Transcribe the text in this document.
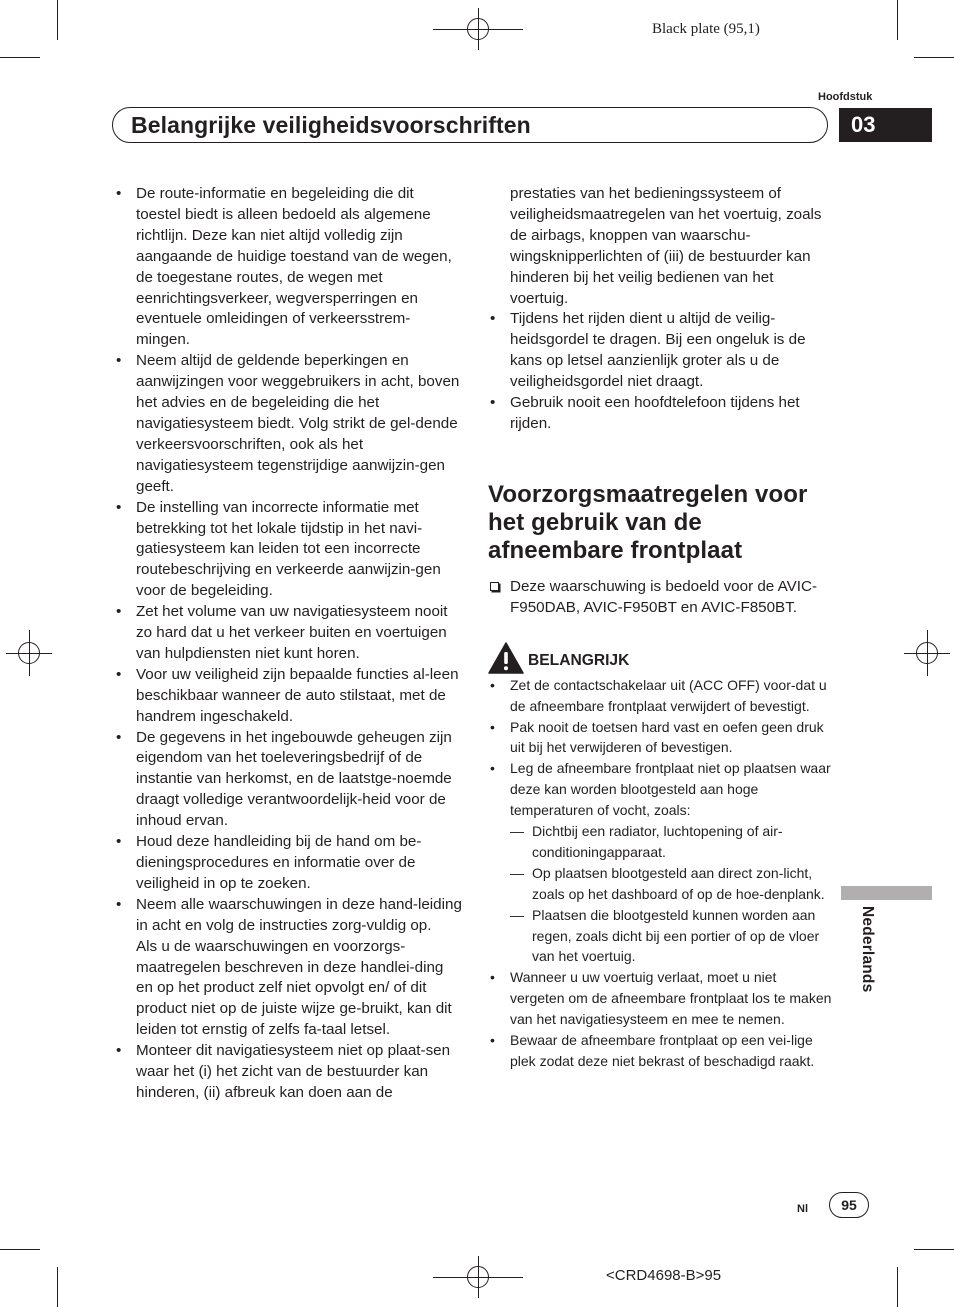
Black plate (95,1)
Hoofdstuk
Belangrijke veiligheidsvoorschriften	03
• De route-informatie en begeleiding die dit toestel biedt is alleen bedoeld als algemene richtlijn. Deze kan niet altijd volledig zijn aangaande de huidige toestand van de wegen, de toegestane routes, de wegen met eenrichtingsverkeer, wegversperringen en eventuele omleidingen of verkeersstrem-mingen.
• Neem altijd de geldende beperkingen en aanwijzingen voor weggebruikers in acht, boven het advies en de begeleiding die het navigatiesysteem biedt. Volg strikt de gel-dende verkeersvoorschriften, ook als het navigatiesysteem tegenstrijdige aanwijzin-gen geeft.
• De instelling van incorrecte informatie met betrekking tot het lokale tijdstip in het navi-gatiesysteem kan leiden tot een incorrecte routebeschrijving en verkeerde aanwijzin-gen voor de begeleiding.
• Zet het volume van uw navigatiesysteem nooit zo hard dat u het verkeer buiten en voertuigen van hulpdiensten niet kunt horen.
• Voor uw veiligheid zijn bepaalde functies al-leen beschikbaar wanneer de auto stilstaat, met de handrem ingeschakeld.
• De gegevens in het ingebouwde geheugen zijn eigendom van het toeleveringsbedrijf of de instantie van herkomst, en de laatstge-noemde draagt volledige verantwoordelijk-heid voor de inhoud ervan.
• Houd deze handleiding bij de hand om be-dieningsprocedures en informatie over de veiligheid in op te zoeken.
• Neem alle waarschuwingen in deze hand-leiding in acht en volg de instructies zorg-vuldig op.
Als u de waarschuwingen en voorzorgs-maatregelen beschreven in deze handlei-ding en op het product zelf niet opvolgt en/ of dit product niet op de juiste wijze ge-bruikt, kan dit leiden tot ernstig of zelfs fa-taal letsel.
• Monteer dit navigatiesysteem niet op plaat-sen waar het (i) het zicht van de bestuurder kan hinderen, (ii) afbreuk kan doen aan de
prestaties van het bedieningssysteem of veiligheidsmaatregelen van het voertuig, zoals de airbags, knoppen van waarschu-wingsknipperlichten of (iii) de bestuurder kan hinderen bij het veilig bedienen van het voertuig.
• Tijdens het rijden dient u altijd de veilig-heidsgordel te dragen. Bij een ongeluk is de kans op letsel aanzienlijk groter als u de veiligheidsgordel niet draagt.
• Gebruik nooit een hoofdtelefoon tijdens het rijden.
Voorzorgsmaatregelen voor het gebruik van de afneembare frontplaat
Deze waarschuwing is bedoeld voor de AVIC-F950DAB, AVIC-F950BT en AVIC-F850BT.
BELANGRIJK
• Zet de contactschakelaar uit (ACC OFF) voor-dat u de afneembare frontplaat verwijdert of bevestigt.
• Pak nooit de toetsen hard vast en oefen geen druk uit bij het verwijderen of bevestigen.
• Leg de afneembare frontplaat niet op plaatsen waar deze kan worden blootgesteld aan hoge temperaturen of vocht, zoals:
— Dichtbij een radiator, luchtopening of air-conditioningapparaat.
— Op plaatsen blootgesteld aan direct zon-licht, zoals op het dashboard of op de hoe-denplank.
— Plaatsen die blootgesteld kunnen worden aan regen, zoals dicht bij een portier of op de vloer van het voertuig.
• Wanneer u uw voertuig verlaat, moet u niet vergeten om de afneembare frontplaat los te maken van het navigatiesysteem en mee te nemen.
• Bewaar de afneembare frontplaat op een vei-lige plek zodat deze niet bekrast of beschadigd raakt.
Nederlands
Nl	95
<CRD4698-B>95
